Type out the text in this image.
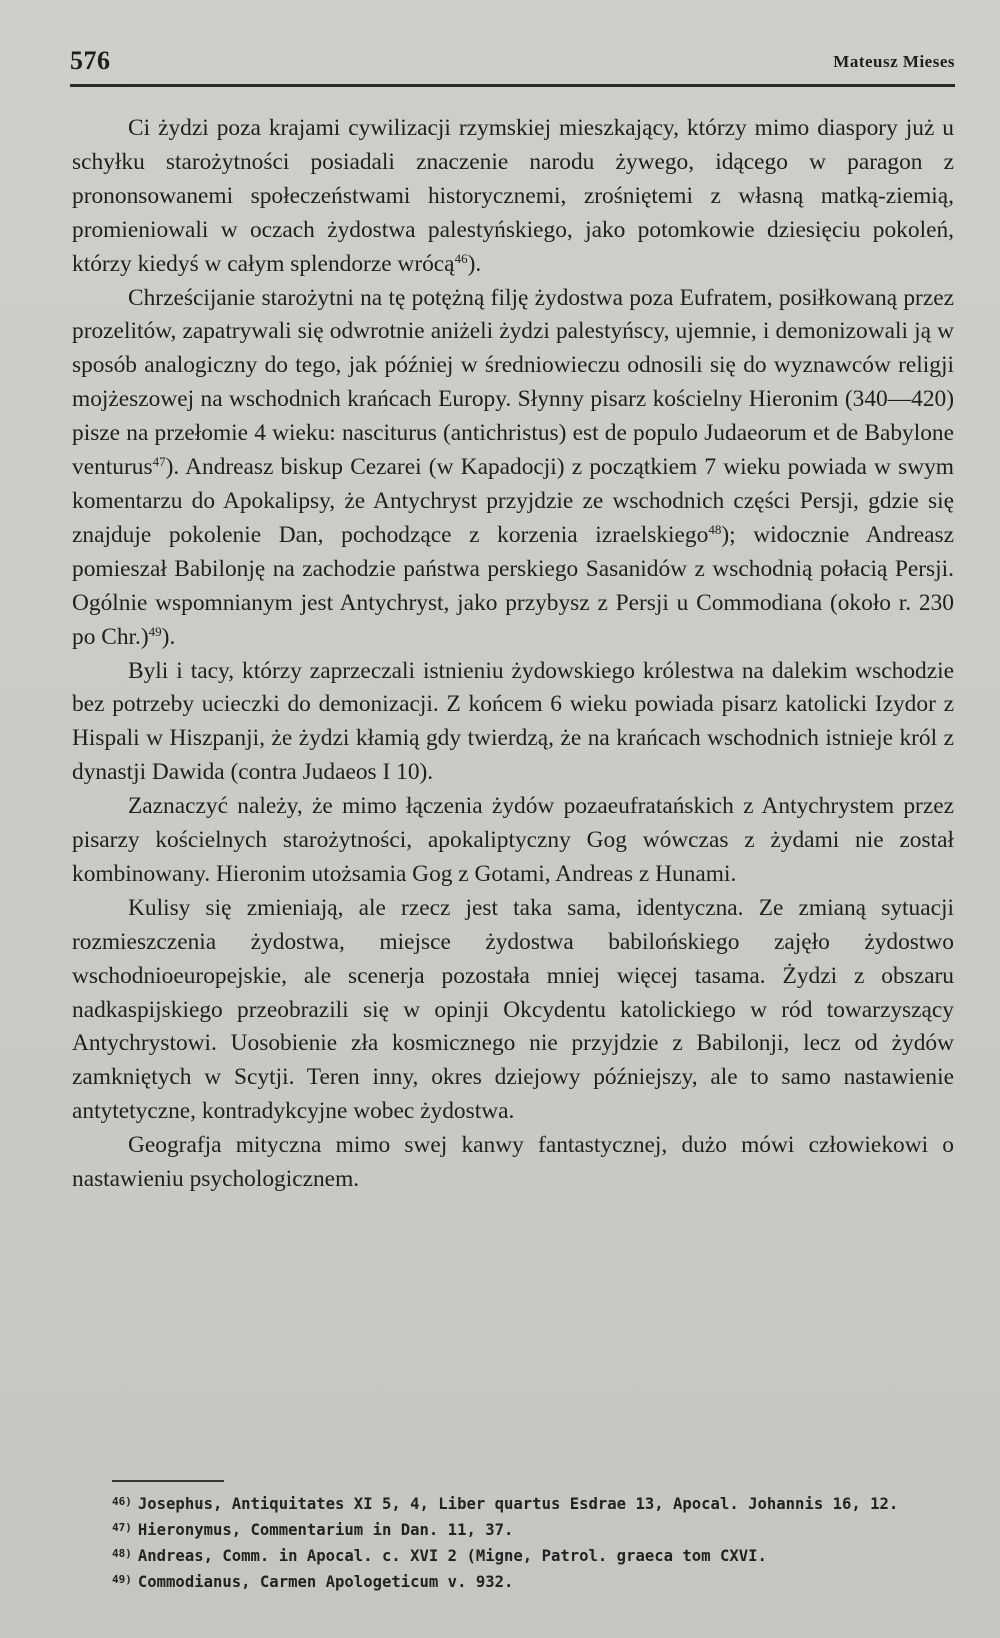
576	Mateusz Mieses

Ci żydzi poza krajami cywilizacji rzymskiej mieszkający, którzy mimo diaspory już u schyłku starożytności posiadali znaczenie narodu żywego, idącego w paragon z prononsowanemi społeczeństwami historycznemi, zrośniętemi z własną matką-ziemią, promieniowali w oczach żydostwa palestyńskiego, jako potomkowie dziesięciu pokoleń, którzy kiedyś w całym splendorze wrócą$^{46}$).

Chrześcijanie starożytni na tę potężną filję żydostwa poza Eufratem, posiłkowaną przez prozelitów, zapatrywali się odwrotnie aniżeli żydzi palestyńscy, ujemnie, i demonizowali ją w sposób analogiczny do tego, jak później w średniowieczu odnosili się do wyznawców religji mojżeszowej na wschodnich krańcach Europy. Słynny pisarz kościelny Hieronim (340—420) pisze na przełomie 4 wieku: nasciturus (antichristus) est de populo Judaeorum et de Babylone venturus$^{47}$). Andreasz biskup Cezarei (w Kapadocji) z początkiem 7 wieku powiada w swym komentarzu do Apokalipsy, że Antychryst przyjdzie ze wschodnich części Persji, gdzie się znajduje pokolenie Dan, pochodzące z korzenia izraelskiego$^{48}$); widocznie Andreasz pomieszał Babilonję na zachodzie państwa perskiego Sasanidów z wschodnią połacią Persji. Ogólnie wspomnianym jest Antychryst, jako przybysz z Persji u Commodiana (około r. 230 po Chr.)$^{49}$).

Byli i tacy, którzy zaprzeczali istnieniu żydowskiego królestwa na dalekim wschodzie bez potrzeby ucieczki do demonizacji. Z końcem 6 wieku powiada pisarz katolicki Izydor z Hispali w Hiszpanji, że żydzi kłamią gdy twierdzą, że na krańcach wschodnich istnieje król z dynastji Dawida (contra Judaeos I 10).

Zaznaczyć należy, że mimo łączenia żydów pozaeufratańskich z Antychrystem przez pisarzy kościelnych starożytności, apokaliptyczny Gog wówczas z żydami nie został kombinowany. Hieronim utożsamia Gog z Gotami, Andreas z Hunami.

Kulisy się zmieniają, ale rzecz jest taka sama, identyczna. Ze zmianą sytuacji rozmieszczenia żydostwa, miejsce żydostwa babilońskiego zajęło żydostwo wschodnioeuropejskie, ale scenerja pozostała mniej więcej tasama. Żydzi z obszaru nadkaspijskiego przeobrazili się w opinji Okcydentu katolickiego w ród towarzyszący Antychrystowi. Uosobienie zła kosmicznego nie przyjdzie z Babilonji, lecz od żydów zamkniętych w Scytji. Teren inny, okres dziejowy późniejszy, ale to samo nastawienie antytetyczne, kontradykcyjne wobec żydostwa.

Geografja mityczna mimo swej kanwy fantastycznej, dużo mówi człowiekowi o nastawieniu psychologicznem.

$^{46)}$ Josephus, Antiquitates XI 5, 4, Liber quartus Esdrae 13, Apocal. Johannis 16, 12.
$^{47)}$ Hieronymus, Commentarium in Dan. 11, 37.
$^{48)}$ Andreas, Comm. in Apocal. c. XVI 2 (Migne, Patrol. graeca tom CXVI.
$^{49)}$ Commodianus, Carmen Apologeticum v. 932.
